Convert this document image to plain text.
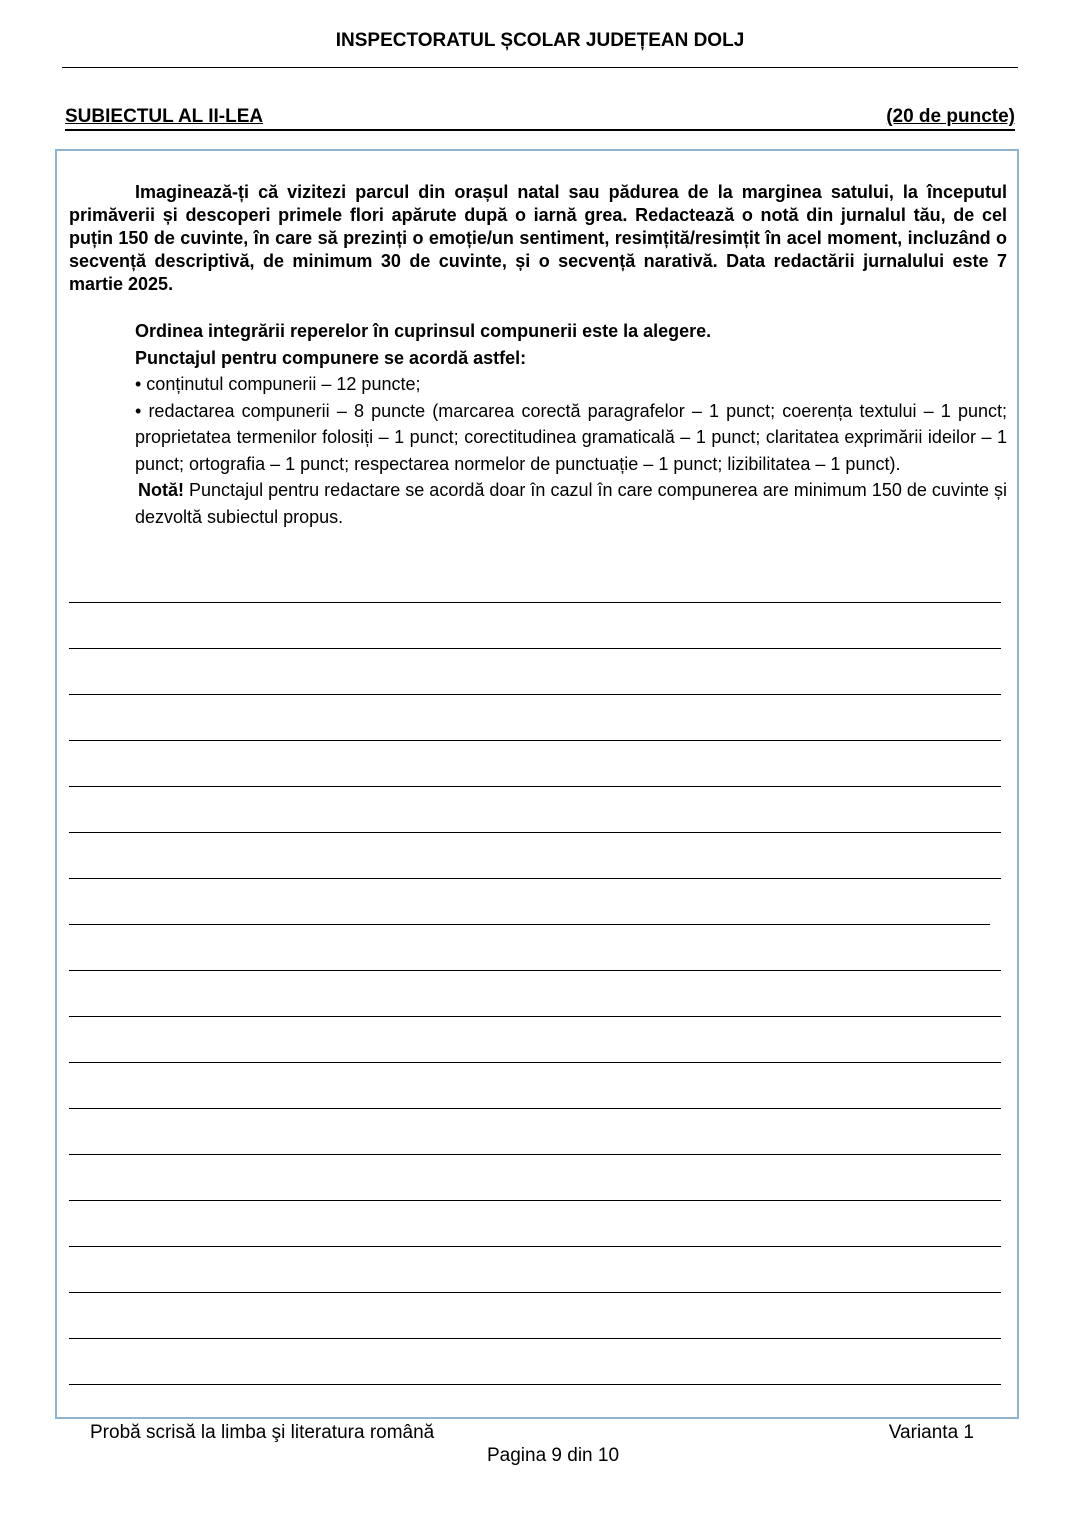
INSPECTORATUL ȘCOLAR JUDEȚEAN DOLJ
SUBIECTUL AL II-LEA	(20 de puncte)

Imaginează-ți că vizitezi parcul din orașul natal sau pădurea de la marginea satului, la începutul primăverii și descoperi primele flori apărute după o iarnă grea. Redactează o notă din jurnalul tău, de cel puțin 150 de cuvinte, în care să prezinți o emoție/un sentiment, resimțită/resimțit în acel moment, incluzând o secvență descriptivă, de minimum 30 de cuvinte, și o secvență narativă. Data redactării jurnalului este 7 martie 2025.

Ordinea integrării reperelor în cuprinsul compunerii este la alegere.

Punctajul pentru compunere se acordă astfel:

• conținutul compunerii – 12 puncte;

• redactarea compunerii – 8 puncte (marcarea corectă paragrafelor – 1 punct; coerența textului – 1 punct; proprietatea termenilor folosiți – 1 punct; corectitudinea gramaticală – 1 punct; claritatea exprimării ideilor – 1 punct; ortografia – 1 punct; respectarea normelor de punctuație – 1 punct; lizibilitatea – 1 punct).

Notă! Punctajul pentru redactare se acordă doar în cazul în care compunerea are minimum 150 de cuvinte și dezvoltă subiectul propus.

Probă scrisă la limba şi literatura română	Varianta 1
Pagina 9 din 10
